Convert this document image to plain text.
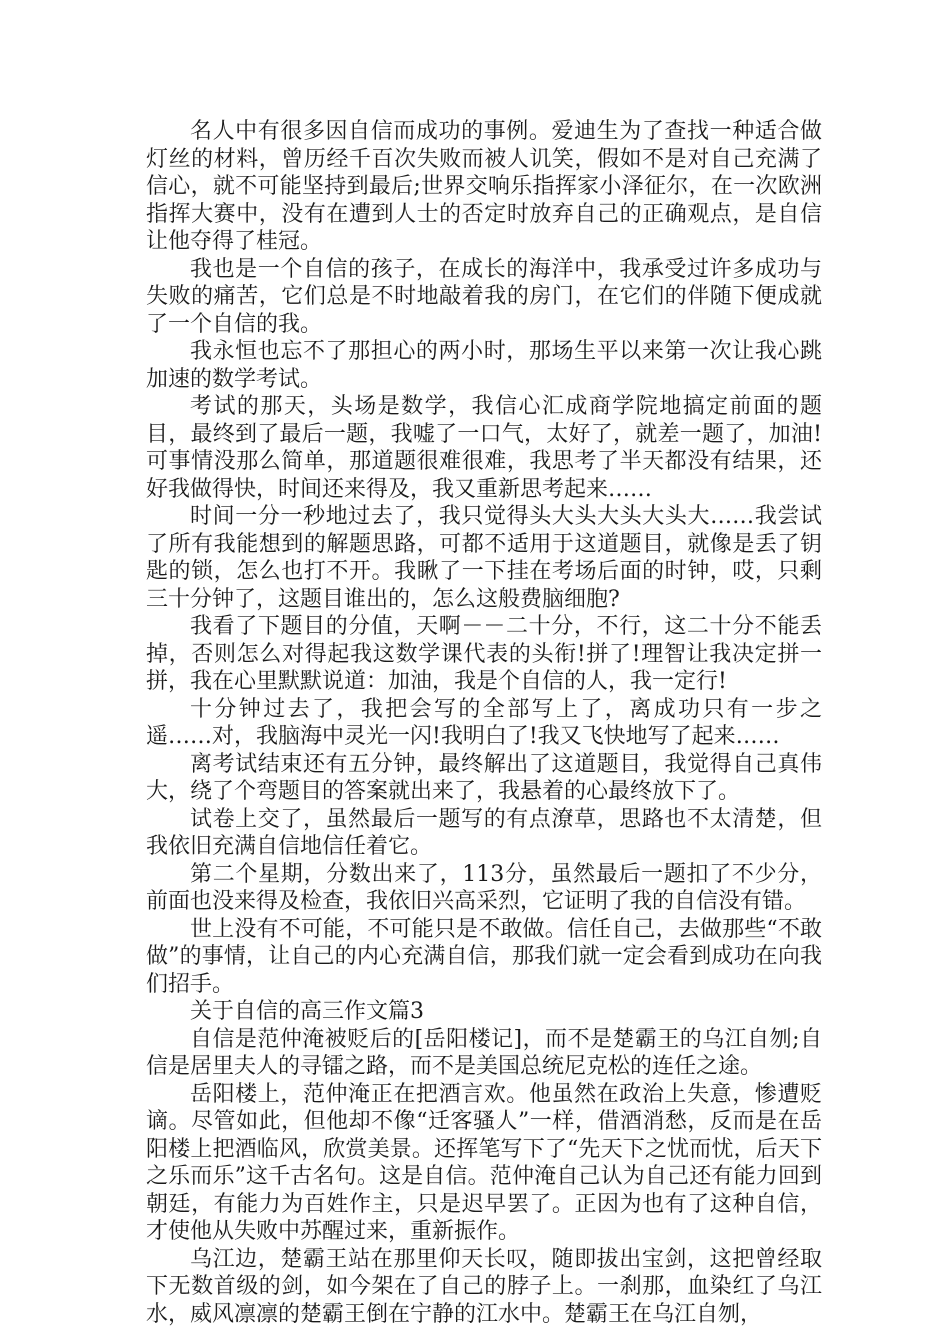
名人中有很多因自信而成功的事例。爱迪生为了查找一种适合做灯丝的材料，曾历经千百次失败而被人讥笑，假如不是对自己充满了信心，就不可能坚持到最后;世界交响乐指挥家小泽征尔，在一次欧洲指挥大赛中，没有在遭到人士的否定时放弃自己的正确观点，是自信让他夺得了桂冠。

我也是一个自信的孩子，在成长的海洋中，我承受过许多成功与失败的痛苦，它们总是不时地敲着我的房门，在它们的伴随下便成就了一个自信的我。

我永恒也忘不了那担心的两小时，那场生平以来第一次让我心跳加速的数学考试。

考试的那天，头场是数学，我信心汇成商学院地搞定前面的题目，最终到了最后一题，我嘘了一口气，太好了，就差一题了，加油!可事情没那么简单，那道题很难很难，我思考了半天都没有结果，还好我做得快，时间还来得及，我又重新思考起来……

时间一分一秒地过去了，我只觉得头大头大头大头大……我尝试了所有我能想到的解题思路，可都不适用于这道题目，就像是丢了钥匙的锁，怎么也打不开。我瞅了一下挂在考场后面的时钟，哎，只剩三十分钟了，这题目谁出的，怎么这般费脑细胞?

我看了下题目的分值，天啊－－二十分，不行，这二十分不能丢掉，否则怎么对得起我这数学课代表的头衔!拼了!理智让我决定拼一拼，我在心里默默说道：加油，我是个自信的人，我一定行!

十分钟过去了，我把会写的全部写上了，离成功只有一步之遥……对，我脑海中灵光一闪!我明白了!我又飞快地写了起来……

离考试结束还有五分钟，最终解出了这道题目，我觉得自己真伟大，绕了个弯题目的答案就出来了，我悬着的心最终放下了。

试卷上交了，虽然最后一题写的有点潦草，思路也不太清楚，但我依旧充满自信地信任着它。

第二个星期，分数出来了，113分，虽然最后一题扣了不少分，前面也没来得及检查，我依旧兴高采烈，它证明了我的自信没有错。

世上没有不可能，不可能只是不敢做。信任自己，去做那些“不敢做”的事情，让自己的内心充满自信，那我们就一定会看到成功在向我们招手。

关于自信的高三作文篇3

自信是范仲淹被贬后的[岳阳楼记]，而不是楚霸王的乌江自刎;自信是居里夫人的寻镭之路，而不是美国总统尼克松的连任之途。

岳阳楼上，范仲淹正在把酒言欢。他虽然在政治上失意，惨遭贬谪。尽管如此，但他却不像“迁客骚人”一样，借酒消愁，反而是在岳阳楼上把酒临风，欣赏美景。还挥笔写下了“先天下之忧而忧，后天下之乐而乐”这千古名句。这是自信。范仲淹自己认为自己还有能力回到朝廷，有能力为百姓作主，只是迟早罢了。正因为也有了这种自信，才使他从失败中苏醒过来，重新振作。

乌江边，楚霸王站在那里仰天长叹，随即拔出宝剑，这把曾经取下无数首级的剑，如今架在了自己的脖子上。一刹那，血染红了乌江水，威风凛凛的楚霸王倒在宁静的江水中。楚霸王在乌江自刎，
